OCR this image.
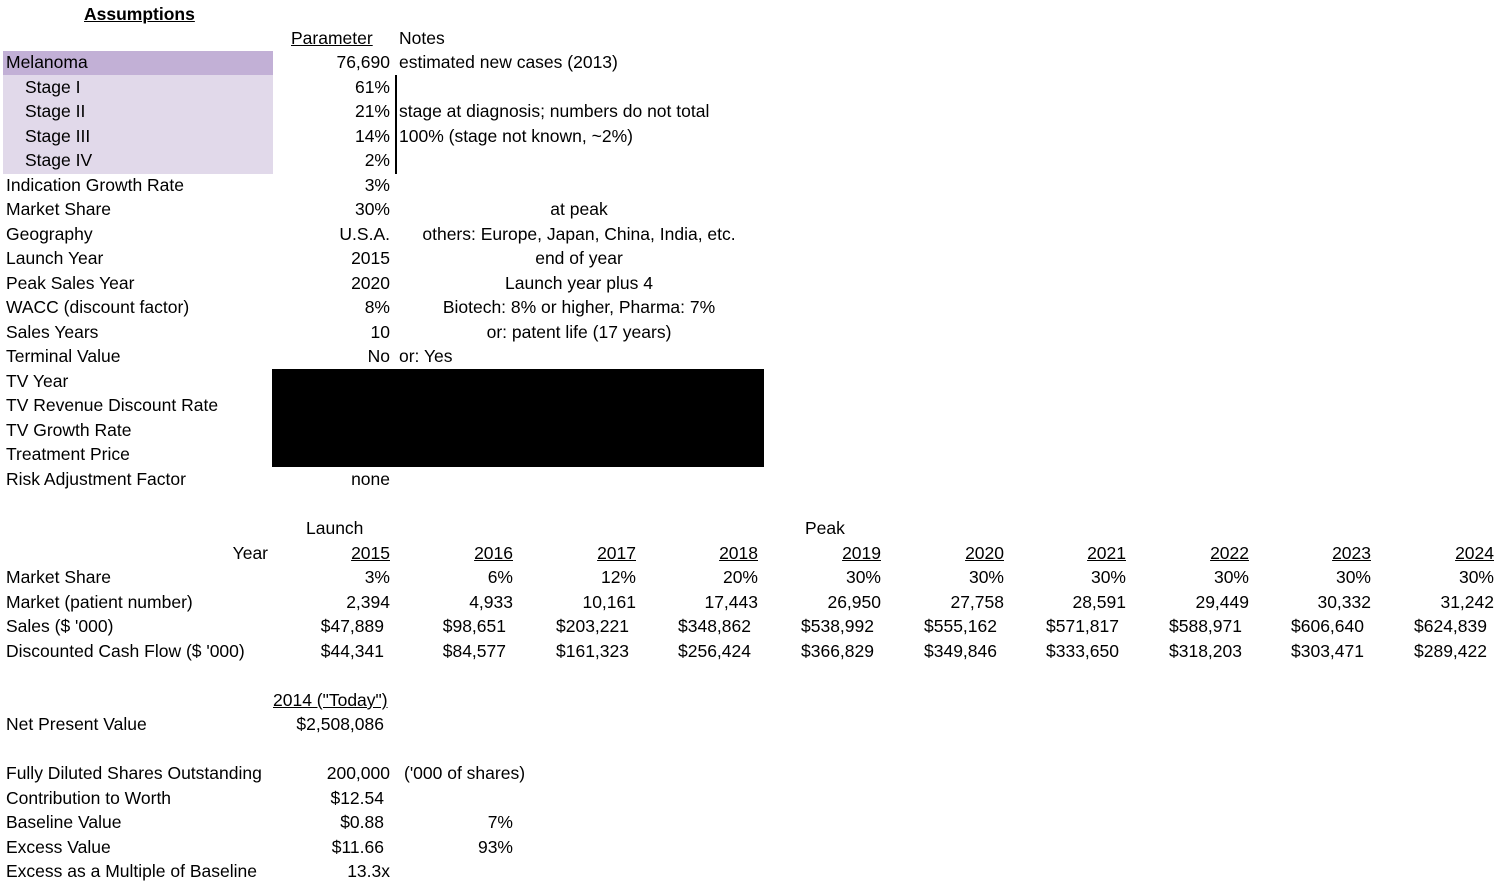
Assumptions
Parameter Notes
Melanoma	76,690 estimated new cases (2013)
Stage I	61%
Stage II	21% stage at diagnosis; numbers do not total
Stage III	14% 100% (stage not known, ~2%)
Stage IV	2%
Indication Growth Rate	3%
Market Share	30%	at peak
Geography	U.S.A.	others: Europe, Japan, China, India, etc.
Launch Year	2015	end of year
Peak Sales Year	2020	Launch year plus 4
WACC (discount factor)	8%	Biotech: 8% or higher, Pharma: 7%
Sales Years	10	or: patent life (17 years)
Terminal Value	No or: Yes
TV Year
TV Revenue Discount Rate
TV Growth Rate
Treatment Price
Risk Adjustment Factor	none
Launch	Peak
Year	2015	2016	2017	2018	2019	2020	2021	2022	2023	2024
Market Share	3%	6%	12%	20%	30%	30%	30%	30%	30%	30%
Market (patient number)	2,394	4,933	10,161	17,443	26,950	27,758	28,591	29,449	30,332	31,242
Sales ($ '000)	$47,889	$98,651	$203,221	$348,862	$538,992	$555,162	$571,817	$588,971	$606,640	$624,839
Discounted Cash Flow ($ '000)	$44,341	$84,577	$161,323	$256,424	$366,829	$349,846	$333,650	$318,203	$303,471	$289,422
2014 ("Today")
Net Present Value	$2,508,086
Fully Diluted Shares Outstanding	200,000 ('000 of shares)
Contribution to Worth	$12.54
Baseline Value	$0.88	7%
Excess Value	$11.66	93%
Excess as a Multiple of Baseline	13.3x
